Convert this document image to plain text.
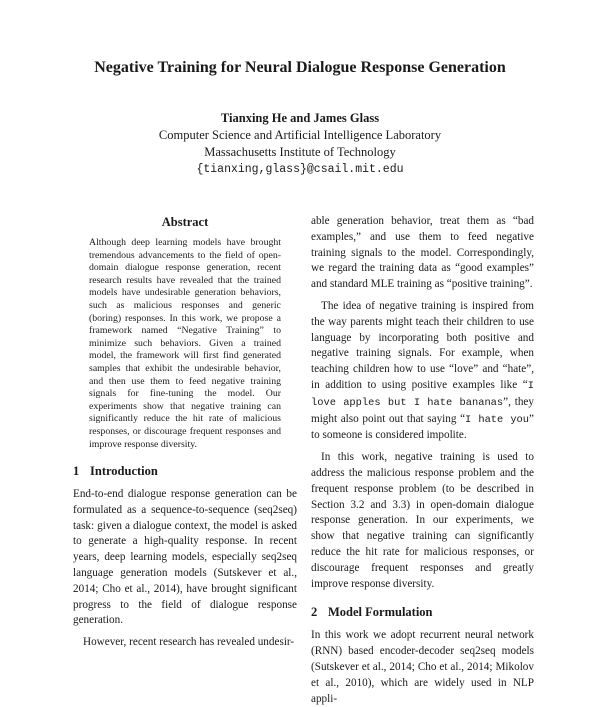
Negative Training for Neural Dialogue Response Generation
Tianxing He and James Glass
Computer Science and Artificial Intelligence Laboratory
Massachusetts Institute of Technology
{tianxing,glass}@csail.mit.edu
Abstract
Although deep learning models have brought tremendous advancements to the field of open-domain dialogue response generation, recent research results have revealed that the trained models have undesirable generation behaviors, such as malicious responses and generic (boring) responses. In this work, we propose a framework named “Negative Training” to minimize such behaviors. Given a trained model, the framework will first find generated samples that exhibit the undesirable behavior, and then use them to feed negative training signals for fine-tuning the model. Our experiments show that negative training can significantly reduce the hit rate of malicious responses, or discourage frequent responses and improve response diversity.
1 Introduction

End-to-end dialogue response generation can be formulated as a sequence-to-sequence (seq2seq) task: given a dialogue context, the model is asked to generate a high-quality response. In recent years, deep learning models, especially seq2seq language generation models (Sutskever et al., 2014; Cho et al., 2014), have brought significant progress to the field of dialogue response generation.

However, recent research has revealed undesir-

able generation behavior, treat them as “bad examples,” and use them to feed negative training signals to the model. Correspondingly, we regard the training data as “good examples” and standard MLE training as “positive training”.

The idea of negative training is inspired from the way parents might teach their children to use language by incorporating both positive and negative training signals. For example, when teaching children how to use “love” and “hate”, in addition to using positive examples like “I love apples but I hate bananas”, they might also point out that saying “I hate you” to someone is considered impolite.

In this work, negative training is used to address the malicious response problem and the frequent response problem (to be described in Section 3.2 and 3.3) in open-domain dialogue response generation. In our experiments, we show that negative training can significantly reduce the hit rate for malicious responses, or discourage frequent responses and greatly improve response diversity.

2 Model Formulation

In this work we adopt recurrent neural network (RNN) based encoder-decoder seq2seq models (Sutskever et al., 2014; Cho et al., 2014; Mikolov et al., 2010), which are widely used in NLP appli-
